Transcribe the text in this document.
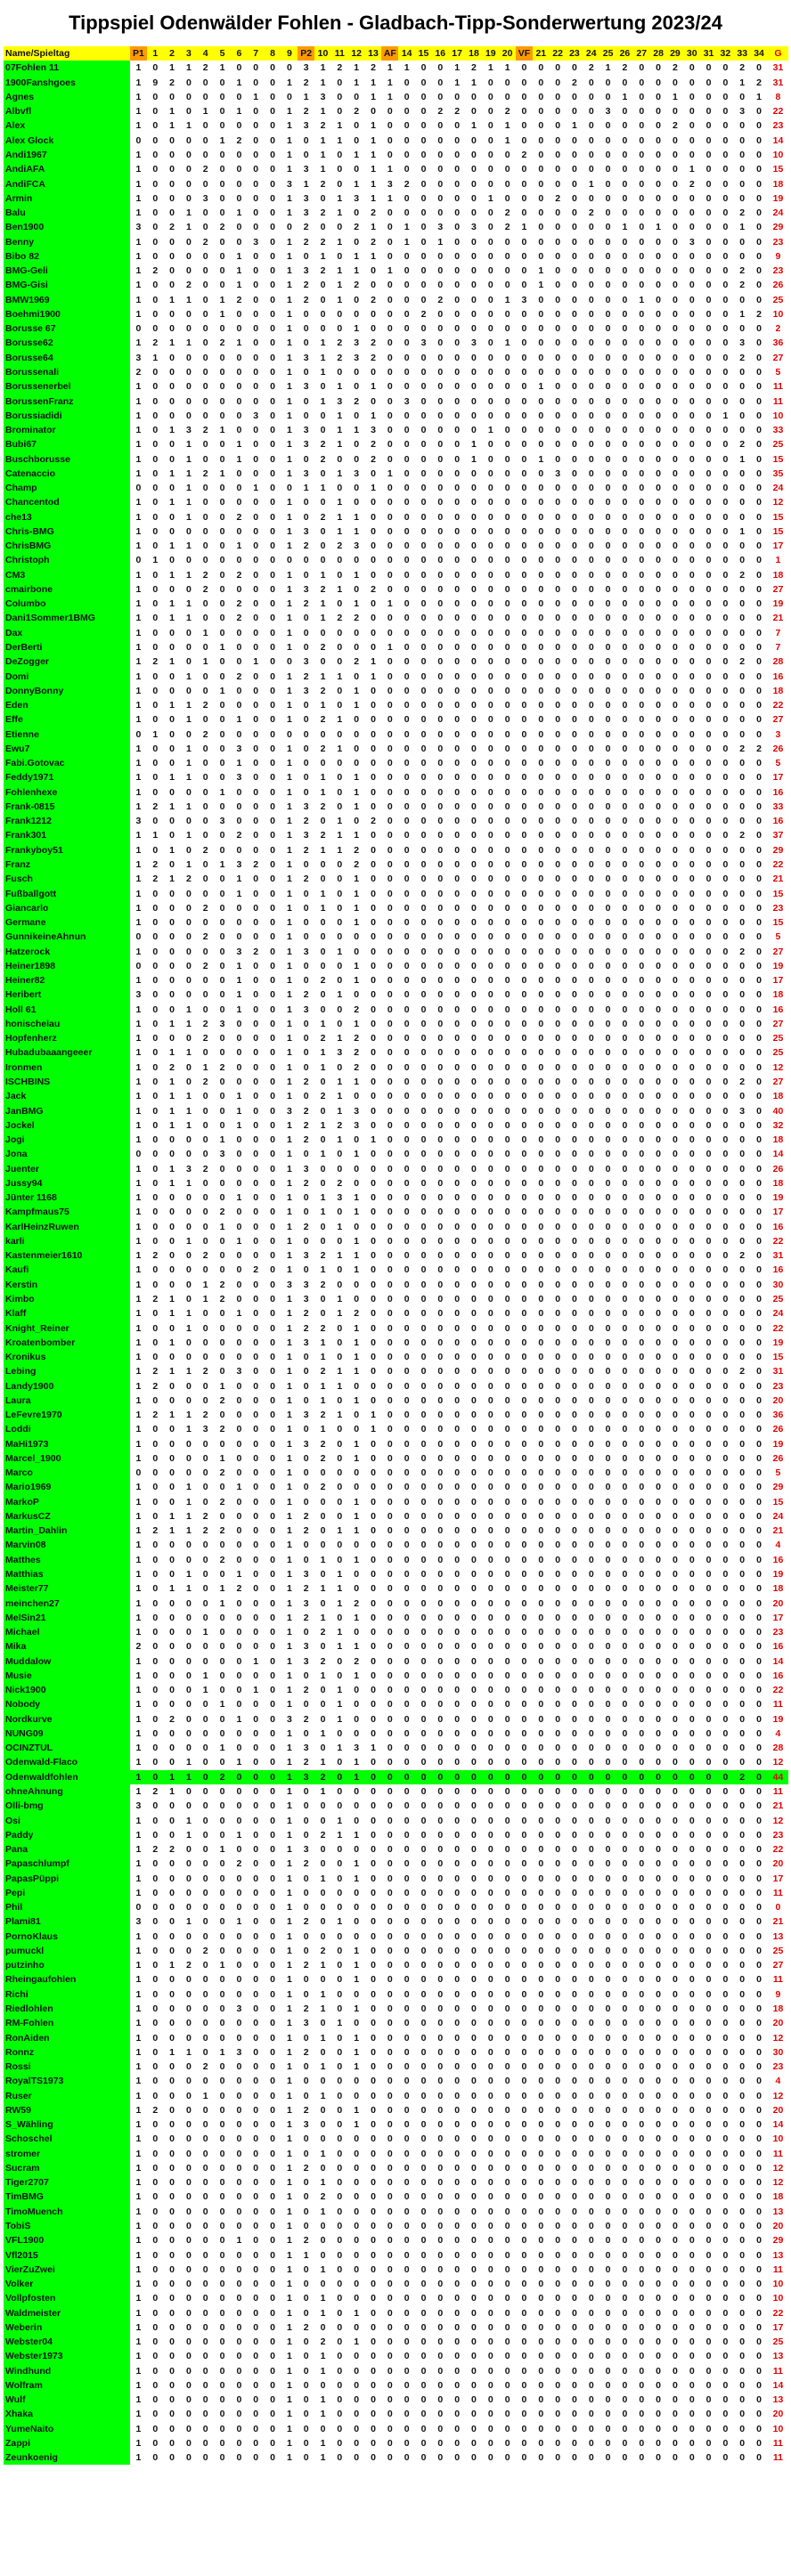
Tippspiel Odenwälder Fohlen - Gladbach-Tipp-Sonderwertung 2023/24
Name/Spieltag	P1	1	2	3	4	5	6	7	8	9	P2	10	11	12	13	AF	14	15	16	17	18	19	20	VF	21	22	23	24	25	26	27	28	29	30	31	32	33	34	G
07Fohlen 11	1	0	1	1	2	1	0	0	0	0	3	1	2	1	2	1	1	0	0	1	2	1	1	0	0	0	0	2	1	2	0	0	2	0	0	0	2	0	31
1900Fanshgoes	1	9	2	0	0	0	1	0	0	1	2	1	0	1	1	1	0	0	0	1	1	0	0	0	0	0	2	0	0	0	0	0	0	0	0	0	1	2	31
Agnes	1	0	0	0	0	0	0	1	0	0	1	3	0	0	1	1	0	0	0	0	0	0	0	0	0	0	0	0	0	1	0	0	1	0	0	0	0	1	8
Albvfl	1	0	1	0	1	0	1	0	0	1	2	1	0	2	0	0	0	0	2	2	0	0	2	0	0	0	0	0	3	0	0	0	0	0	0	0	3	0	22
Alex	1	0	1	1	0	0	0	0	0	1	3	2	1	0	1	0	0	0	0	0	1	0	1	0	0	0	1	0	0	0	0	0	2	0	0	0	0	0	23
Alex Glock	0	0	0	0	0	1	2	0	0	1	0	1	1	0	1	0	0	0	0	0	0	0	1	0	0	0	0	0	0	0	0	0	0	0	0	0	0	0	14
Andi1967	1	0	0	0	0	0	0	0	0	1	0	1	0	1	1	0	0	0	0	0	0	0	0	2	0	0	0	0	0	0	0	0	0	0	0	0	0	0	10
AndiAFA	1	0	0	0	2	0	0	0	0	1	3	1	0	0	1	1	0	0	0	0	0	0	0	0	0	0	0	0	0	0	0	0	0	1	0	0	0	0	15
AndiFCA	1	0	0	0	0	0	0	0	0	3	1	2	0	1	1	3	2	0	0	0	0	0	0	0	0	0	0	1	0	0	0	0	0	2	0	0	0	0	18
Armin	1	0	0	0	3	0	0	0	0	1	3	0	1	3	1	1	0	0	0	0	0	1	0	0	0	2	0	0	0	0	0	0	0	0	0	0	0	0	19
Balu	1	0	0	1	0	0	1	0	0	1	3	2	1	0	2	0	0	0	0	0	0	0	2	0	0	0	0	2	0	0	0	0	0	0	0	0	2	0	24
Ben1900	3	0	2	1	0	2	0	0	0	0	2	0	0	2	1	0	1	0	3	0	3	0	2	1	0	0	0	0	0	1	0	1	0	0	0	0	1	0	29
Benny	1	0	0	0	2	0	0	3	0	1	2	2	1	0	2	0	1	0	1	0	0	0	0	0	0	0	0	0	0	0	0	0	0	3	0	0	0	0	23
Bibo 82	1	0	0	0	0	0	1	0	0	1	0	1	0	1	1	0	0	0	0	0	0	0	0	0	0	0	0	0	0	0	0	0	0	0	0	0	0	0	9
BMG-Geli	1	2	0	0	0	0	1	0	0	1	3	2	1	1	0	1	0	0	0	0	0	0	0	0	1	0	0	0	0	0	0	0	0	0	0	0	2	0	23
BMG-Gisi	1	0	0	2	0	0	1	0	0	1	2	0	1	2	0	0	0	0	0	0	0	0	0	0	1	0	0	0	0	0	0	0	0	0	0	0	2	0	26
BMW1969	1	0	1	1	0	1	2	0	0	1	2	0	1	0	2	0	0	0	2	0	0	0	1	3	0	0	0	0	0	0	1	0	0	0	0	0	0	0	25
Boehmi1900	1	0	0	0	0	1	0	0	0	1	0	0	0	0	0	0	0	2	0	0	0	0	0	0	0	0	0	0	0	0	0	0	0	0	0	0	1	2	10
Borusse 67	0	0	0	0	0	0	0	0	0	1	0	0	0	1	0	0	0	0	0	0	0	0	0	0	0	0	0	0	0	0	0	0	0	0	0	0	0	0	2
Borusse62	1	2	1	1	0	2	1	0	0	1	0	1	2	3	2	0	0	3	0	0	3	0	1	0	0	0	0	0	0	0	0	0	0	0	0	0	3	0	36
Borusse64	3	1	0	0	0	0	0	0	0	1	3	1	2	3	2	0	0	0	0	0	0	0	0	0	0	0	0	0	0	0	0	0	0	0	0	0	2	0	27
Borussenali	2	0	0	0	0	0	0	0	0	1	0	1	0	0	0	0	0	0	0	0	0	0	0	0	0	0	0	0	0	0	0	0	0	0	0	0	0	0	5
Borussenerbel	1	0	0	0	0	0	0	0	0	1	3	0	1	0	1	0	0	0	0	0	0	0	0	0	1	0	0	0	0	0	0	0	0	0	0	0	0	0	11
BorussenFranz	1	0	0	0	0	0	0	0	0	1	0	1	3	2	0	0	3	0	0	0	0	0	0	0	0	0	0	0	0	0	0	0	0	0	0	0	0	0	11
Borussiadidi	1	0	0	0	0	0	0	3	0	1	0	0	1	0	1	0	0	0	0	0	0	0	0	0	0	0	0	0	0	0	0	0	0	0	0	1	0	0	10
Brominator	1	0	1	3	2	1	0	0	0	1	3	0	1	1	3	0	0	0	0	0	0	1	0	0	0	0	0	0	0	0	0	0	0	0	0	0	0	0	33
Bubi67	1	0	0	1	0	0	1	0	0	1	3	2	1	0	2	0	0	0	0	0	1	0	0	0	0	0	0	0	0	0	0	0	0	0	0	0	2	0	25
Buschborusse	1	0	0	1	0	0	1	0	0	1	0	2	0	0	2	0	0	0	0	0	1	0	0	0	1	0	0	0	0	0	0	0	0	0	0	0	1	0	15
Catenaccio	1	0	1	1	2	1	0	0	0	1	3	0	1	3	0	1	0	0	0	0	0	0	0	0	0	3	0	0	0	0	0	0	0	0	0	0	0	0	35
Champ	0	0	0	1	0	0	0	1	0	0	1	1	0	0	1	0	0	0	0	0	0	0	0	0	0	0	0	0	0	0	0	0	0	0	0	0	0	0	24
Chancentod	1	0	1	1	0	0	0	0	0	1	0	0	1	0	0	0	0	0	0	0	0	0	0	0	0	0	0	0	0	0	0	0	0	0	0	0	0	0	12
che13	1	0	0	1	0	0	2	0	0	1	0	2	1	1	0	0	0	0	0	0	0	0	0	0	0	0	0	0	0	0	0	0	0	0	0	0	0	0	15
Chris-BMG	1	0	0	0	0	0	0	0	0	1	3	0	1	1	0	0	0	0	0	0	0	0	0	0	0	0	0	0	0	0	0	0	0	0	0	0	1	0	15
ChrisBMG	1	0	1	1	0	0	1	0	0	1	2	0	2	3	0	0	0	0	0	0	0	0	0	0	0	0	0	0	0	0	0	0	0	0	0	0	0	0	17
Christoph	0	1	0	0	0	0	0	0	0	0	0	0	0	0	0	0	0	0	0	0	0	0	0	0	0	0	0	0	0	0	0	0	0	0	0	0	0	0	1
CM3	1	0	1	1	2	0	2	0	0	1	0	1	0	1	0	0	0	0	0	0	0	0	0	0	0	0	0	0	0	0	0	0	0	0	0	0	2	0	18
cmairbone	1	0	0	0	2	0	0	0	0	1	3	2	1	0	2	0	0	0	0	0	0	0	0	0	0	0	0	0	0	0	0	0	0	0	0	0	0	0	27
Columbo	1	0	1	1	0	0	2	0	0	1	2	1	0	1	0	1	0	0	0	0	0	0	0	0	0	0	0	0	0	0	0	0	0	0	0	0	0	0	19
Dani1Sommer1BMG	1	0	1	1	0	0	2	0	0	1	0	1	2	2	0	0	0	0	0	0	0	0	0	0	0	0	0	0	0	0	0	0	0	0	0	0	0	0	21
Dax	1	0	0	0	1	0	0	0	0	1	0	0	0	0	0	0	0	0	0	0	0	0	0	0	0	0	0	0	0	0	0	0	0	0	0	0	0	0	7
DerBerti	1	0	0	0	0	1	0	0	0	1	0	2	0	0	0	1	0	0	0	0	0	0	0	0	0	0	0	0	0	0	0	0	0	0	0	0	0	0	7
DeZogger	1	2	1	0	1	0	0	1	0	0	3	0	0	2	1	0	0	0	0	0	0	0	0	0	0	0	0	0	0	0	0	0	0	0	0	0	2	0	28
Domi	1	0	0	1	0	0	2	0	0	1	2	1	1	0	1	0	0	0	0	0	0	0	0	0	0	0	0	0	0	0	0	0	0	0	0	0	0	0	16
DonnyBonny	1	0	0	0	0	1	0	0	0	1	3	2	0	1	0	0	0	0	0	0	0	0	0	0	0	0	0	0	0	0	0	0	0	0	0	0	0	0	18
Eden	1	0	1	1	2	0	0	0	0	1	0	1	0	1	0	0	0	0	0	0	0	0	0	0	0	0	0	0	0	0	0	0	0	0	0	0	0	0	22
Effe	1	0	0	1	0	0	1	0	0	1	0	2	1	0	0	0	0	0	0	0	0	0	0	0	0	0	0	0	0	0	0	0	0	0	0	0	0	0	27
Etienne	0	1	0	0	2	0	0	0	0	0	0	0	0	0	0	0	0	0	0	0	0	0	0	0	0	0	0	0	0	0	0	0	0	0	0	0	0	0	3
Ewu7	1	0	0	1	0	0	3	0	0	1	0	2	1	0	0	0	0	0	0	0	0	0	0	0	0	0	0	0	0	0	0	0	0	0	0	0	2	2	26
Fabi.Gotovac	1	0	0	1	0	0	1	0	0	1	0	0	0	0	0	0	0	0	0	0	0	0	0	0	0	0	0	0	0	0	0	0	0	0	0	0	0	0	5
Feddy1971	1	0	1	1	0	0	3	0	0	1	0	1	0	1	0	0	0	0	0	0	0	0	0	0	0	0	0	0	0	0	0	0	0	0	0	0	0	0	17
Fohlenhexe	1	0	0	0	0	1	0	0	0	1	0	1	0	1	0	0	0	0	0	0	0	0	0	0	0	0	0	0	0	0	0	0	0	0	0	0	0	0	16
Frank-0815	1	2	1	1	0	0	0	0	0	1	3	2	0	1	0	0	0	0	0	0	0	0	0	0	0	0	0	0	0	0	0	0	0	0	0	0	0	0	33
Frank1212	3	0	0	0	0	3	0	0	0	1	2	0	1	0	2	0	0	0	0	0	0	0	0	0	0	0	0	0	0	0	0	0	0	0	0	0	0	0	16
Frank301	1	1	0	1	0	0	2	0	0	1	3	2	1	1	0	0	0	0	0	0	0	0	0	0	0	0	0	0	0	0	0	0	0	0	0	0	2	0	37
Frankyboy51	1	0	1	0	2	0	0	0	0	1	2	1	1	2	0	0	0	0	0	0	0	0	0	0	0	0	0	0	0	0	0	0	0	0	0	0	0	0	29
Franz	1	2	0	1	0	1	3	2	0	1	0	0	0	2	0	0	0	0	0	0	0	0	0	0	0	0	0	0	0	0	0	0	0	0	0	0	0	0	22
Fusch	1	2	1	2	0	0	1	0	0	1	2	0	0	1	0	0	0	0	0	0	0	0	0	0	0	0	0	0	0	0	0	0	0	0	0	0	0	0	21
Fußballgott	1	0	0	0	0	0	1	0	0	1	0	1	0	1	0	0	0	0	0	0	0	0	0	0	0	0	0	0	0	0	0	0	0	0	0	0	0	0	15
Giancarlo	1	0	0	0	2	0	0	0	0	1	0	1	0	1	0	0	0	0	0	0	0	0	0	0	0	0	0	0	0	0	0	0	0	0	0	0	0	0	23
Germane	1	0	0	0	0	0	0	0	0	1	0	0	0	1	0	0	0	0	0	0	0	0	0	0	0	0	0	0	0	0	0	0	0	0	0	0	0	0	15
GunnikeineAhnun	0	0	0	0	2	0	0	0	0	1	0	0	0	0	0	0	0	0	0	0	0	0	0	0	0	0	0	0	0	0	0	0	0	0	0	0	0	0	5
Hatzerock	1	0	0	0	0	0	3	2	0	1	3	0	1	0	0	0	0	0	0	0	0	0	0	0	0	0	0	0	0	0	0	0	0	0	0	0	2	0	27
Heiner1898	0	0	0	0	2	0	1	0	0	1	0	0	0	1	0	0	0	0	0	0	0	0	0	0	0	0	0	0	0	0	0	0	0	0	0	0	0	0	19
Heiner82	1	0	0	0	0	0	1	0	0	1	0	2	0	1	0	0	0	0	0	0	0	0	0	0	0	0	0	0	0	0	0	0	0	0	0	0	0	0	17
Heribert	3	0	0	0	0	0	1	0	0	1	2	0	1	0	0	0	0	0	0	0	0	0	0	0	0	0	0	0	0	0	0	0	0	0	0	0	0	0	18
Holl 61	1	0	0	1	0	0	1	0	0	1	3	0	0	2	0	0	0	0	0	0	0	0	0	0	0	0	0	0	0	0	0	0	0	0	0	0	0	0	16
honischelau	1	0	1	1	2	3	0	0	0	1	0	1	0	1	0	0	0	0	0	0	0	0	0	0	0	0	0	0	0	0	0	0	0	0	0	0	0	0	27
Hopfenherz	1	0	0	0	2	0	0	0	0	1	0	2	1	2	0	0	0	0	0	0	0	0	0	0	0	0	0	0	0	0	0	0	0	0	0	0	0	0	25
Hubadubaaangeeer	1	0	1	1	0	0	0	0	0	1	0	1	3	2	0	0	0	0	0	0	0	0	0	0	0	0	0	0	0	0	0	0	0	0	0	0	0	0	25
Ironmen	1	0	2	0	1	2	0	0	0	1	0	1	0	2	0	0	0	0	0	0	0	0	0	0	0	0	0	0	0	0	0	0	0	0	0	0	0	0	12
ISCHBINS	1	0	1	0	2	0	0	0	0	1	2	0	1	1	0	0	0	0	0	0	0	0	0	0	0	0	0	0	0	0	0	0	0	0	0	0	2	0	27
Jack	1	0	1	1	0	0	1	0	0	1	0	2	1	0	0	0	0	0	0	0	0	0	0	0	0	0	0	0	0	0	0	0	0	0	0	0	0	0	18
JanBMG	1	0	1	1	0	0	1	0	0	3	2	0	1	3	0	0	0	0	0	0	0	0	0	0	0	0	0	0	0	0	0	0	0	0	0	0	3	0	40
Jockel	1	0	1	1	0	0	1	0	0	1	2	1	2	3	0	0	0	0	0	0	0	0	0	0	0	0	0	0	0	0	0	0	0	0	0	0	0	0	32
Jogi	1	0	0	0	0	1	0	0	0	1	2	0	1	0	1	0	0	0	0	0	0	0	0	0	0	0	0	0	0	0	0	0	0	0	0	0	0	0	18
Jona	0	0	0	0	0	3	0	0	0	1	0	1	0	1	0	0	0	0	0	0	0	0	0	0	0	0	0	0	0	0	0	0	0	0	0	0	0	0	14
Juenter	1	0	1	3	2	0	0	0	0	1	3	0	0	0	0	0	0	0	0	0	0	0	0	0	0	0	0	0	0	0	0	0	0	0	0	0	0	0	26
Jussy94	1	0	1	1	0	0	0	0	0	1	2	0	2	0	0	0	0	0	0	0	0	0	0	0	0	0	0	0	0	0	0	0	0	0	0	0	0	0	18
Jünter 1168	1	0	0	0	0	0	1	0	0	1	0	1	3	1	0	0	0	0	0	0	0	0	0	0	0	0	0	0	0	0	0	0	0	0	0	0	0	0	19
Kampfmaus75	1	0	0	0	0	2	0	0	0	1	0	1	0	1	0	0	0	0	0	0	0	0	0	0	0	0	0	0	0	0	0	0	0	0	0	0	0	0	17
KarlHeinzRuwen	1	0	0	0	0	1	0	0	0	1	2	0	1	0	0	0	0	0	0	0	0	0	0	0	0	0	0	0	0	0	0	0	0	0	0	0	0	0	16
karli	1	0	0	1	0	0	1	0	0	1	0	0	0	1	0	0	0	0	0	0	0	0	0	0	0	0	0	0	0	0	0	0	0	0	0	0	0	0	22
Kastenmeier1610	1	2	0	0	2	0	0	0	0	1	3	2	1	1	0	0	0	0	0	0	0	0	0	0	0	0	0	0	0	0	0	0	0	0	0	0	2	0	31
Kaufi	1	0	0	0	0	0	0	2	0	1	0	1	0	1	0	0	0	0	0	0	0	0	0	0	0	0	0	0	0	0	0	0	0	0	0	0	0	0	16
Kerstin	1	0	0	0	1	2	0	0	0	3	3	2	0	0	0	0	0	0	0	0	0	0	0	0	0	0	0	0	0	0	0	0	0	0	0	0	0	0	30
Kimbo	1	2	1	0	1	2	0	0	0	1	3	0	1	0	0	0	0	0	0	0	0	0	0	0	0	0	0	0	0	0	0	0	0	0	0	0	0	0	25
Klaff	1	0	1	1	0	0	1	0	0	1	2	0	1	2	0	0	0	0	0	0	0	0	0	0	0	0	0	0	0	0	0	0	0	0	0	0	0	0	24
Knight_Reiner	1	0	0	1	0	0	0	0	0	1	2	2	0	1	0	0	0	0	0	0	0	0	0	0	0	0	0	0	0	0	0	0	0	0	0	0	0	0	22
Kroatenbomber	1	0	1	0	0	0	0	0	0	1	3	1	0	1	0	0	0	0	0	0	0	0	0	0	0	0	0	0	0	0	0	0	0	0	0	0	0	0	19
Kronikus	1	0	0	0	0	0	0	0	0	1	0	1	0	1	0	0	0	0	0	0	0	0	0	0	0	0	0	0	0	0	0	0	0	0	0	0	0	0	15
Lebing	1	2	1	1	2	0	3	0	0	1	0	2	1	1	0	0	0	0	0	0	0	0	0	0	0	0	0	0	0	0	0	0	0	0	0	0	2	0	31
Landy1900	1	2	0	0	0	1	0	0	0	1	0	1	1	0	0	0	0	0	0	0	0	0	0	0	0	0	0	0	0	0	0	0	0	0	0	0	0	0	23
Laura	1	0	0	0	0	2	0	0	0	1	0	1	0	1	0	0	0	0	0	0	0	0	0	0	0	0	0	0	0	0	0	0	0	0	0	0	0	0	20
LeFevre1970	1	2	1	1	2	0	0	0	0	1	3	2	1	0	1	0	0	0	0	0	0	0	0	0	0	0	0	0	0	0	0	0	0	0	0	0	0	0	36
Loddi	1	0	0	1	3	2	0	0	0	1	0	1	0	0	1	0	0	0	0	0	0	0	0	0	0	0	0	0	0	0	0	0	0	0	0	0	0	0	26
MaHi1973	1	0	0	0	0	0	0	0	0	1	3	2	0	1	0	0	0	0	0	0	0	0	0	0	0	0	0	0	0	0	0	0	0	0	0	0	0	0	19
Marcel_1900	1	0	0	0	0	1	0	0	0	1	0	2	0	1	0	0	0	0	0	0	0	0	0	0	0	0	0	0	0	0	0	0	0	0	0	0	0	0	26
Marco	0	0	0	0	0	2	0	0	0	1	0	0	0	0	0	0	0	0	0	0	0	0	0	0	0	0	0	0	0	0	0	0	0	0	0	0	0	0	5
Mario1969	1	0	0	1	0	0	1	0	0	1	0	2	0	0	0	0	0	0	0	0	0	0	0	0	0	0	0	0	0	0	0	0	0	0	0	0	0	0	29
MarkoP	1	0	0	1	0	2	0	0	0	1	0	0	0	1	0	0	0	0	0	0	0	0	0	0	0	0	0	0	0	0	0	0	0	0	0	0	0	0	15
MarkusCZ	1	0	1	1	2	0	0	0	0	1	2	0	0	1	0	0	0	0	0	0	0	0	0	0	0	0	0	0	0	0	0	0	0	0	0	0	0	0	24
Martin_Dahlin	1	2	1	1	2	2	0	0	0	1	2	0	1	1	0	0	0	0	0	0	0	0	0	0	0	0	0	0	0	0	0	0	0	0	0	0	0	0	21
Marvin08	1	0	0	0	0	0	0	0	0	1	0	0	0	0	0	0	0	0	0	0	0	0	0	0	0	0	0	0	0	0	0	0	0	0	0	0	0	0	4
Matthes	1	0	0	0	0	2	0	0	0	1	0	1	0	1	0	0	0	0	0	0	0	0	0	0	0	0	0	0	0	0	0	0	0	0	0	0	0	0	16
Matthias	1	0	0	1	0	0	1	0	0	1	3	0	1	0	0	0	0	0	0	0	0	0	0	0	0	0	0	0	0	0	0	0	0	0	0	0	0	0	19
Meister77	1	0	1	1	0	1	2	0	0	1	2	1	1	0	0	0	0	0	0	0	0	0	0	0	0	0	0	0	0	0	0	0	0	0	0	0	0	0	18
meinchen27	1	0	0	0	0	1	0	0	0	1	3	0	1	2	0	0	0	0	0	0	0	0	0	0	0	0	0	0	0	0	0	0	0	0	0	0	0	0	20
MelSin21	1	0	0	0	0	0	0	0	0	1	2	1	0	1	0	0	0	0	0	0	0	0	0	0	0	0	0	0	0	0	0	0	0	0	0	0	0	0	17
Michael	1	0	0	0	1	0	0	0	0	1	0	2	1	0	0	0	0	0	0	0	0	0	0	0	0	0	0	0	0	0	0	0	0	0	0	0	0	0	23
Mika	2	0	0	0	0	0	0	0	0	1	3	0	1	1	0	0	0	0	0	0	0	0	0	0	0	0	0	0	0	0	0	0	0	0	0	0	0	0	16
Muddalow	1	0	0	0	0	0	0	1	0	1	3	2	0	2	0	0	0	0	0	0	0	0	0	0	0	0	0	0	0	0	0	0	0	0	0	0	0	0	14
Musie	1	0	0	0	1	0	0	0	0	1	0	1	0	1	0	0	0	0	0	0	0	0	0	0	0	0	0	0	0	0	0	0	0	0	0	0	0	0	16
Nick1900	1	0	0	0	1	0	0	1	0	1	2	0	1	0	0	0	0	0	0	0	0	0	0	0	0	0	0	0	0	0	0	0	0	0	0	0	0	0	22
Nobody	1	0	0	0	0	1	0	0	0	1	0	0	1	0	0	0	0	0	0	0	0	0	0	0	0	0	0	0	0	0	0	0	0	0	0	0	0	0	11
Nordkurve	1	0	2	0	0	0	1	0	0	3	2	0	1	0	0	0	0	0	0	0	0	0	0	0	0	0	0	0	0	0	0	0	0	0	0	0	0	0	19
NUNG09	1	0	0	0	0	0	0	0	0	1	0	1	0	0	0	0	0	0	0	0	0	0	0	0	0	0	0	0	0	0	0	0	0	0	0	0	0	0	4
OCINZTUL	1	0	0	0	0	1	0	0	0	1	3	0	1	3	1	0	0	0	0	0	0	0	0	0	0	0	0	0	0	0	0	0	0	0	0	0	0	0	28
Odenwald-Flaco	1	0	0	1	0	0	1	0	0	1	2	1	0	1	0	0	0	0	0	0	0	0	0	0	0	0	0	0	0	0	0	0	0	0	0	0	0	0	12
Odenwaldfohlen	1	0	1	1	0	2	0	0	0	1	3	2	0	1	0	0	0	0	0	0	0	0	0	0	0	0	0	0	0	0	0	0	0	0	0	0	2	0	44
ohneAhnung	1	2	1	0	0	0	0	0	0	1	0	1	0	0	0	0	0	0	0	0	0	0	0	0	0	0	0	0	0	0	0	0	0	0	0	0	0	0	11
Olli-bmg	3	0	0	0	0	0	0	0	0	1	0	0	0	0	0	0	0	0	0	0	0	0	0	0	0	0	0	0	0	0	0	0	0	0	0	0	0	0	21
Osi	1	0	0	1	0	0	0	0	0	1	0	0	1	0	0	0	0	0	0	0	0	0	0	0	0	0	0	0	0	0	0	0	0	0	0	0	0	0	12
Paddy	1	0	0	1	0	0	1	0	0	1	0	2	1	1	0	0	0	0	0	0	0	0	0	0	0	0	0	0	0	0	0	0	0	0	0	0	0	0	23
Pana	1	2	2	0	0	1	0	0	0	1	3	0	0	0	0	0	0	0	0	0	0	0	0	0	0	0	0	0	0	0	0	0	0	0	0	0	0	0	22
Papaschlumpf	1	0	0	0	0	0	2	0	0	1	2	0	0	1	0	0	0	0	0	0	0	0	0	0	0	0	0	0	0	0	0	0	0	0	0	0	0	0	20
PapasPüppi	1	0	0	0	0	0	0	0	0	1	0	1	0	1	0	0	0	0	0	0	0	0	0	0	0	0	0	0	0	0	0	0	0	0	0	0	0	0	17
Pepi	1	0	0	0	0	0	0	0	0	1	0	0	0	0	0	0	0	0	0	0	0	0	0	0	0	0	0	0	0	0	0	0	0	0	0	0	0	0	11
Phil	0	0	0	0	0	0	0	0	0	1	0	0	0	0	0	0	0	0	0	0	0	0	0	0	0	0	0	0	0	0	0	0	0	0	0	0	0	0	0
Plami81	3	0	0	1	0	0	1	0	0	1	2	0	1	0	0	0	0	0	0	0	0	0	0	0	0	0	0	0	0	0	0	0	0	0	0	0	0	0	21
PornoKlaus	1	0	0	0	0	0	0	0	0	1	0	0	0	0	0	0	0	0	0	0	0	0	0	0	0	0	0	0	0	0	0	0	0	0	0	0	0	0	13
pumuckl	1	0	0	0	2	0	0	0	0	1	0	2	0	1	0	0	0	0	0	0	0	0	0	0	0	0	0	0	0	0	0	0	0	0	0	0	0	0	25
putzinho	1	0	1	2	0	1	0	0	0	1	2	1	0	1	0	0	0	0	0	0	0	0	0	0	0	0	0	0	0	0	0	0	0	0	0	0	0	0	27
Rheingaufohlen	1	0	0	0	0	0	0	0	0	1	0	0	0	1	0	0	0	0	0	0	0	0	0	0	0	0	0	0	0	0	0	0	0	0	0	0	0	0	11
Richi	1	0	0	0	0	0	0	0	0	1	0	1	0	0	0	0	0	0	0	0	0	0	0	0	0	0	0	0	0	0	0	0	0	0	0	0	0	0	9
Riedlohlen	1	0	0	0	0	0	3	0	0	1	2	1	0	1	0	0	0	0	0	0	0	0	0	0	0	0	0	0	0	0	0	0	0	0	0	0	0	0	18
RM-Fohlen	1	0	0	0	0	0	0	0	0	1	3	0	1	0	0	0	0	0	0	0	0	0	0	0	0	0	0	0	0	0	0	0	0	0	0	0	0	0	20
RonAiden	1	0	0	0	0	0	0	0	0	1	0	1	0	1	0	0	0	0	0	0	0	0	0	0	0	0	0	0	0	0	0	0	0	0	0	0	0	0	12
Ronnz	1	0	1	1	0	1	3	0	0	1	2	0	0	1	0	0	0	0	0	0	0	0	0	0	0	0	0	0	0	0	0	0	0	0	0	0	0	0	30
Rossi	1	0	0	0	2	0	0	0	0	1	0	1	0	1	0	0	0	0	0	0	0	0	0	0	0	0	0	0	0	0	0	0	0	0	0	0	0	0	23
RoyalTS1973	1	0	0	0	0	0	0	0	0	1	0	0	0	0	0	0	0	0	0	0	0	0	0	0	0	0	0	0	0	0	0	0	0	0	0	0	0	0	4
Ruser	1	0	0	0	1	0	0	0	0	1	0	1	0	0	0	0	0	0	0	0	0	0	0	0	0	0	0	0	0	0	0	0	0	0	0	0	0	0	12
RW59	1	2	0	0	0	0	0	0	0	1	2	0	0	1	0	0	0	0	0	0	0	0	0	0	0	0	0	0	0	0	0	0	0	0	0	0	0	0	20
S_Wähling	1	0	0	0	0	0	0	0	0	1	3	0	0	1	0	0	0	0	0	0	0	0	0	0	0	0	0	0	0	0	0	0	0	0	0	0	0	0	14
Schoschel	1	0	0	0	0	0	0	0	0	1	0	0	0	0	0	0	0	0	0	0	0	0	0	0	0	0	0	0	0	0	0	0	0	0	0	0	0	0	10
stromer	1	0	0	0	0	0	0	0	0	1	0	1	0	0	0	0	0	0	0	0	0	0	0	0	0	0	0	0	0	0	0	0	0	0	0	0	0	0	11
Sucram	1	0	0	0	0	0	0	0	0	1	2	0	0	0	0	0	0	0	0	0	0	0	0	0	0	0	0	0	0	0	0	0	0	0	0	0	0	0	12
Tiger2707	1	0	0	0	0	0	0	0	0	1	0	1	0	0	0	0	0	0	0	0	0	0	0	0	0	0	0	0	0	0	0	0	0	0	0	0	0	0	12
TimBMG	1	0	0	0	0	0	0	0	0	1	0	2	0	0	0	0	0	0	0	0	0	0	0	0	0	0	0	0	0	0	0	0	0	0	0	0	0	0	18
TimoMuench	1	0	0	0	0	0	0	0	0	1	0	1	0	0	0	0	0	0	0	0	0	0	0	0	0	0	0	0	0	0	0	0	0	0	0	0	0	0	13
TobiS	1	0	0	0	0	0	0	0	0	1	0	0	0	0	0	0	0	0	0	0	0	0	0	0	0	0	0	0	0	0	0	0	0	0	0	0	0	0	20
VFL1900	1	0	0	0	0	0	1	0	0	1	2	0	0	0	0	0	0	0	0	0	0	0	0	0	0	0	0	0	0	0	0	0	0	0	0	0	0	0	29
Vfl2015	1	0	0	0	0	0	0	0	0	1	1	0	0	0	0	0	0	0	0	0	0	0	0	0	0	0	0	0	0	0	0	0	0	0	0	0	0	0	13
VierZuZwei	1	0	0	0	0	0	0	0	0	1	0	1	0	0	0	0	0	0	0	0	0	0	0	0	0	0	0	0	0	0	0	0	0	0	0	0	0	0	11
Volker	1	0	0	0	0	0	0	0	0	1	0	0	0	0	0	0	0	0	0	0	0	0	0	0	0	0	0	0	0	0	0	0	0	0	0	0	0	0	10
Vollpfosten	1	0	0	0	0	0	0	0	0	1	0	1	0	0	0	0	0	0	0	0	0	0	0	0	0	0	0	0	0	0	0	0	0	0	0	0	0	0	10
Waldmeister	1	0	0	0	0	0	0	0	0	1	0	1	0	1	0	0	0	0	0	0	0	0	0	0	0	0	0	0	0	0	0	0	0	0	0	0	0	0	22
Weberin	1	0	0	0	0	0	0	0	0	1	2	0	0	0	0	0	0	0	0	0	0	0	0	0	0	0	0	0	0	0	0	0	0	0	0	0	0	0	17
Webster04	1	0	0	0	0	0	0	0	0	1	0	2	0	1	0	0	0	0	0	0	0	0	0	0	0	0	0	0	0	0	0	0	0	0	0	0	0	0	25
Webster1973	1	0	0	0	0	0	0	0	0	1	0	1	0	0	0	0	0	0	0	0	0	0	0	0	0	0	0	0	0	0	0	0	0	0	0	0	0	0	13
Windhund	1	0	0	0	0	0	0	0	0	1	0	1	0	0	0	0	0	0	0	0	0	0	0	0	0	0	0	0	0	0	0	0	0	0	0	0	0	0	11
Wolfram	1	0	0	0	0	0	0	0	0	1	0	0	0	0	0	0	0	0	0	0	0	0	0	0	0	0	0	0	0	0	0	0	0	0	0	0	0	0	14
Wulf	1	0	0	0	0	0	0	0	0	1	0	1	0	0	0	0	0	0	0	0	0	0	0	0	0	0	0	0	0	0	0	0	0	0	0	0	0	0	13
Xhaka	1	0	0	0	0	0	0	0	0	1	0	1	0	0	0	0	0	0	0	0	0	0	0	0	0	0	0	0	0	0	0	0	0	0	0	0	0	0	20
YumeNaito	1	0	0	0	0	0	0	0	0	1	0	0	0	0	0	0	0	0	0	0	0	0	0	0	0	0	0	0	0	0	0	0	0	0	0	0	0	0	10
Zappi	1	0	0	0	0	0	0	0	0	1	0	1	0	0	0	0	0	0	0	0	0	0	0	0	0	0	0	0	0	0	0	0	0	0	0	0	0	0	11
Zeunkoenig	1	0	0	0	0	0	0	0	0	1	0	1	0	0	0	0	0	0	0	0	0	0	0	0	0	0	0	0	0	0	0	0	0	0	0	0	0	0	11
